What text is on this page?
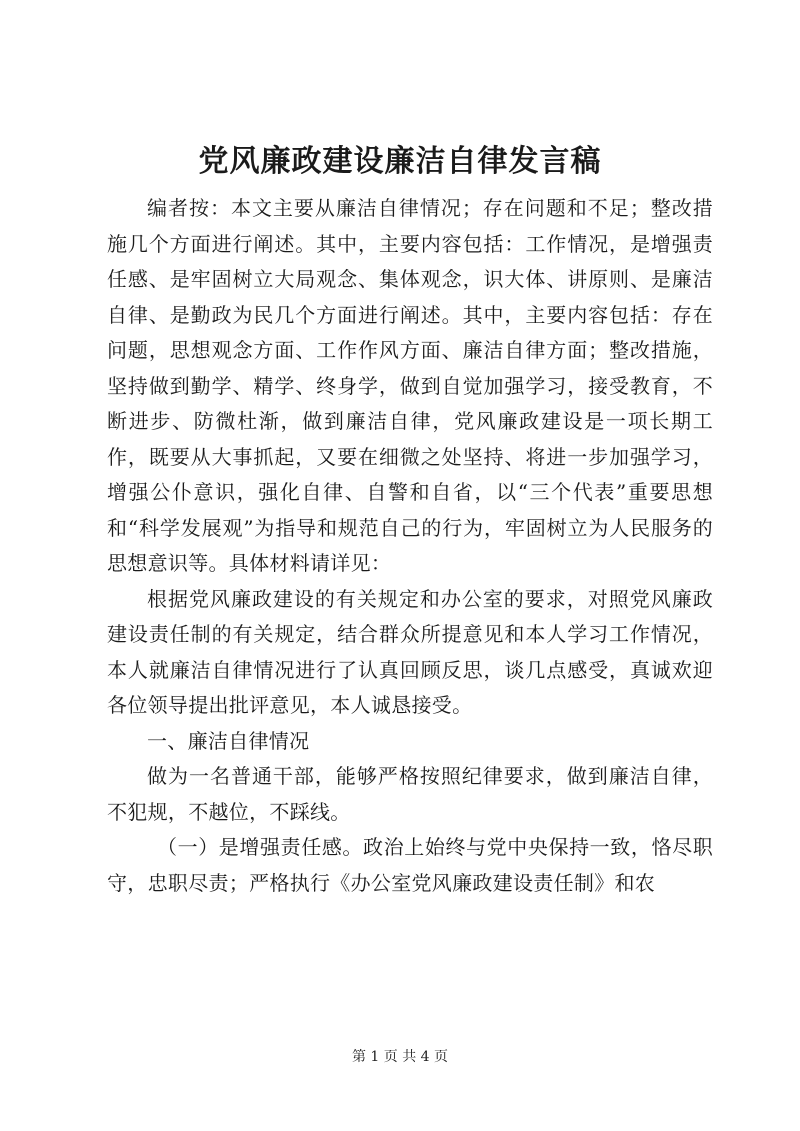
党风廉政建设廉洁自律发言稿

编者按：本文主要从廉洁自律情况；存在问题和不足；整改措施几个方面进行阐述。其中，主要内容包括：工作情况，是增强责任感、是牢固树立大局观念、集体观念，识大体、讲原则、是廉洁自律、是勤政为民几个方面进行阐述。其中，主要内容包括：存在问题，思想观念方面、工作作风方面、廉洁自律方面；整改措施，坚持做到勤学、精学、终身学，做到自觉加强学习，接受教育，不断进步、防微杜渐，做到廉洁自律，党风廉政建设是一项长期工作，既要从大事抓起，又要在细微之处坚持、将进一步加强学习，增强公仆意识，强化自律、自警和自省，以“三个代表”重要思想和“科学发展观”为指导和规范自己的行为，牢固树立为人民服务的思想意识等。具体材料请详见：

根据党风廉政建设的有关规定和办公室的要求，对照党风廉政建设责任制的有关规定，结合群众所提意见和本人学习工作情况，本人就廉洁自律情况进行了认真回顾反思，谈几点感受，真诚欢迎各位领导提出批评意见，本人诚恳接受。

一、廉洁自律情况

做为一名普通干部，能够严格按照纪律要求，做到廉洁自律，不犯规，不越位，不踩线。

（一）是增强责任感。政治上始终与党中央保持一致，恪尽职守，忠职尽责；严格执行《办公室党风廉政建设责任制》和农

第 1 页 共 4 页
